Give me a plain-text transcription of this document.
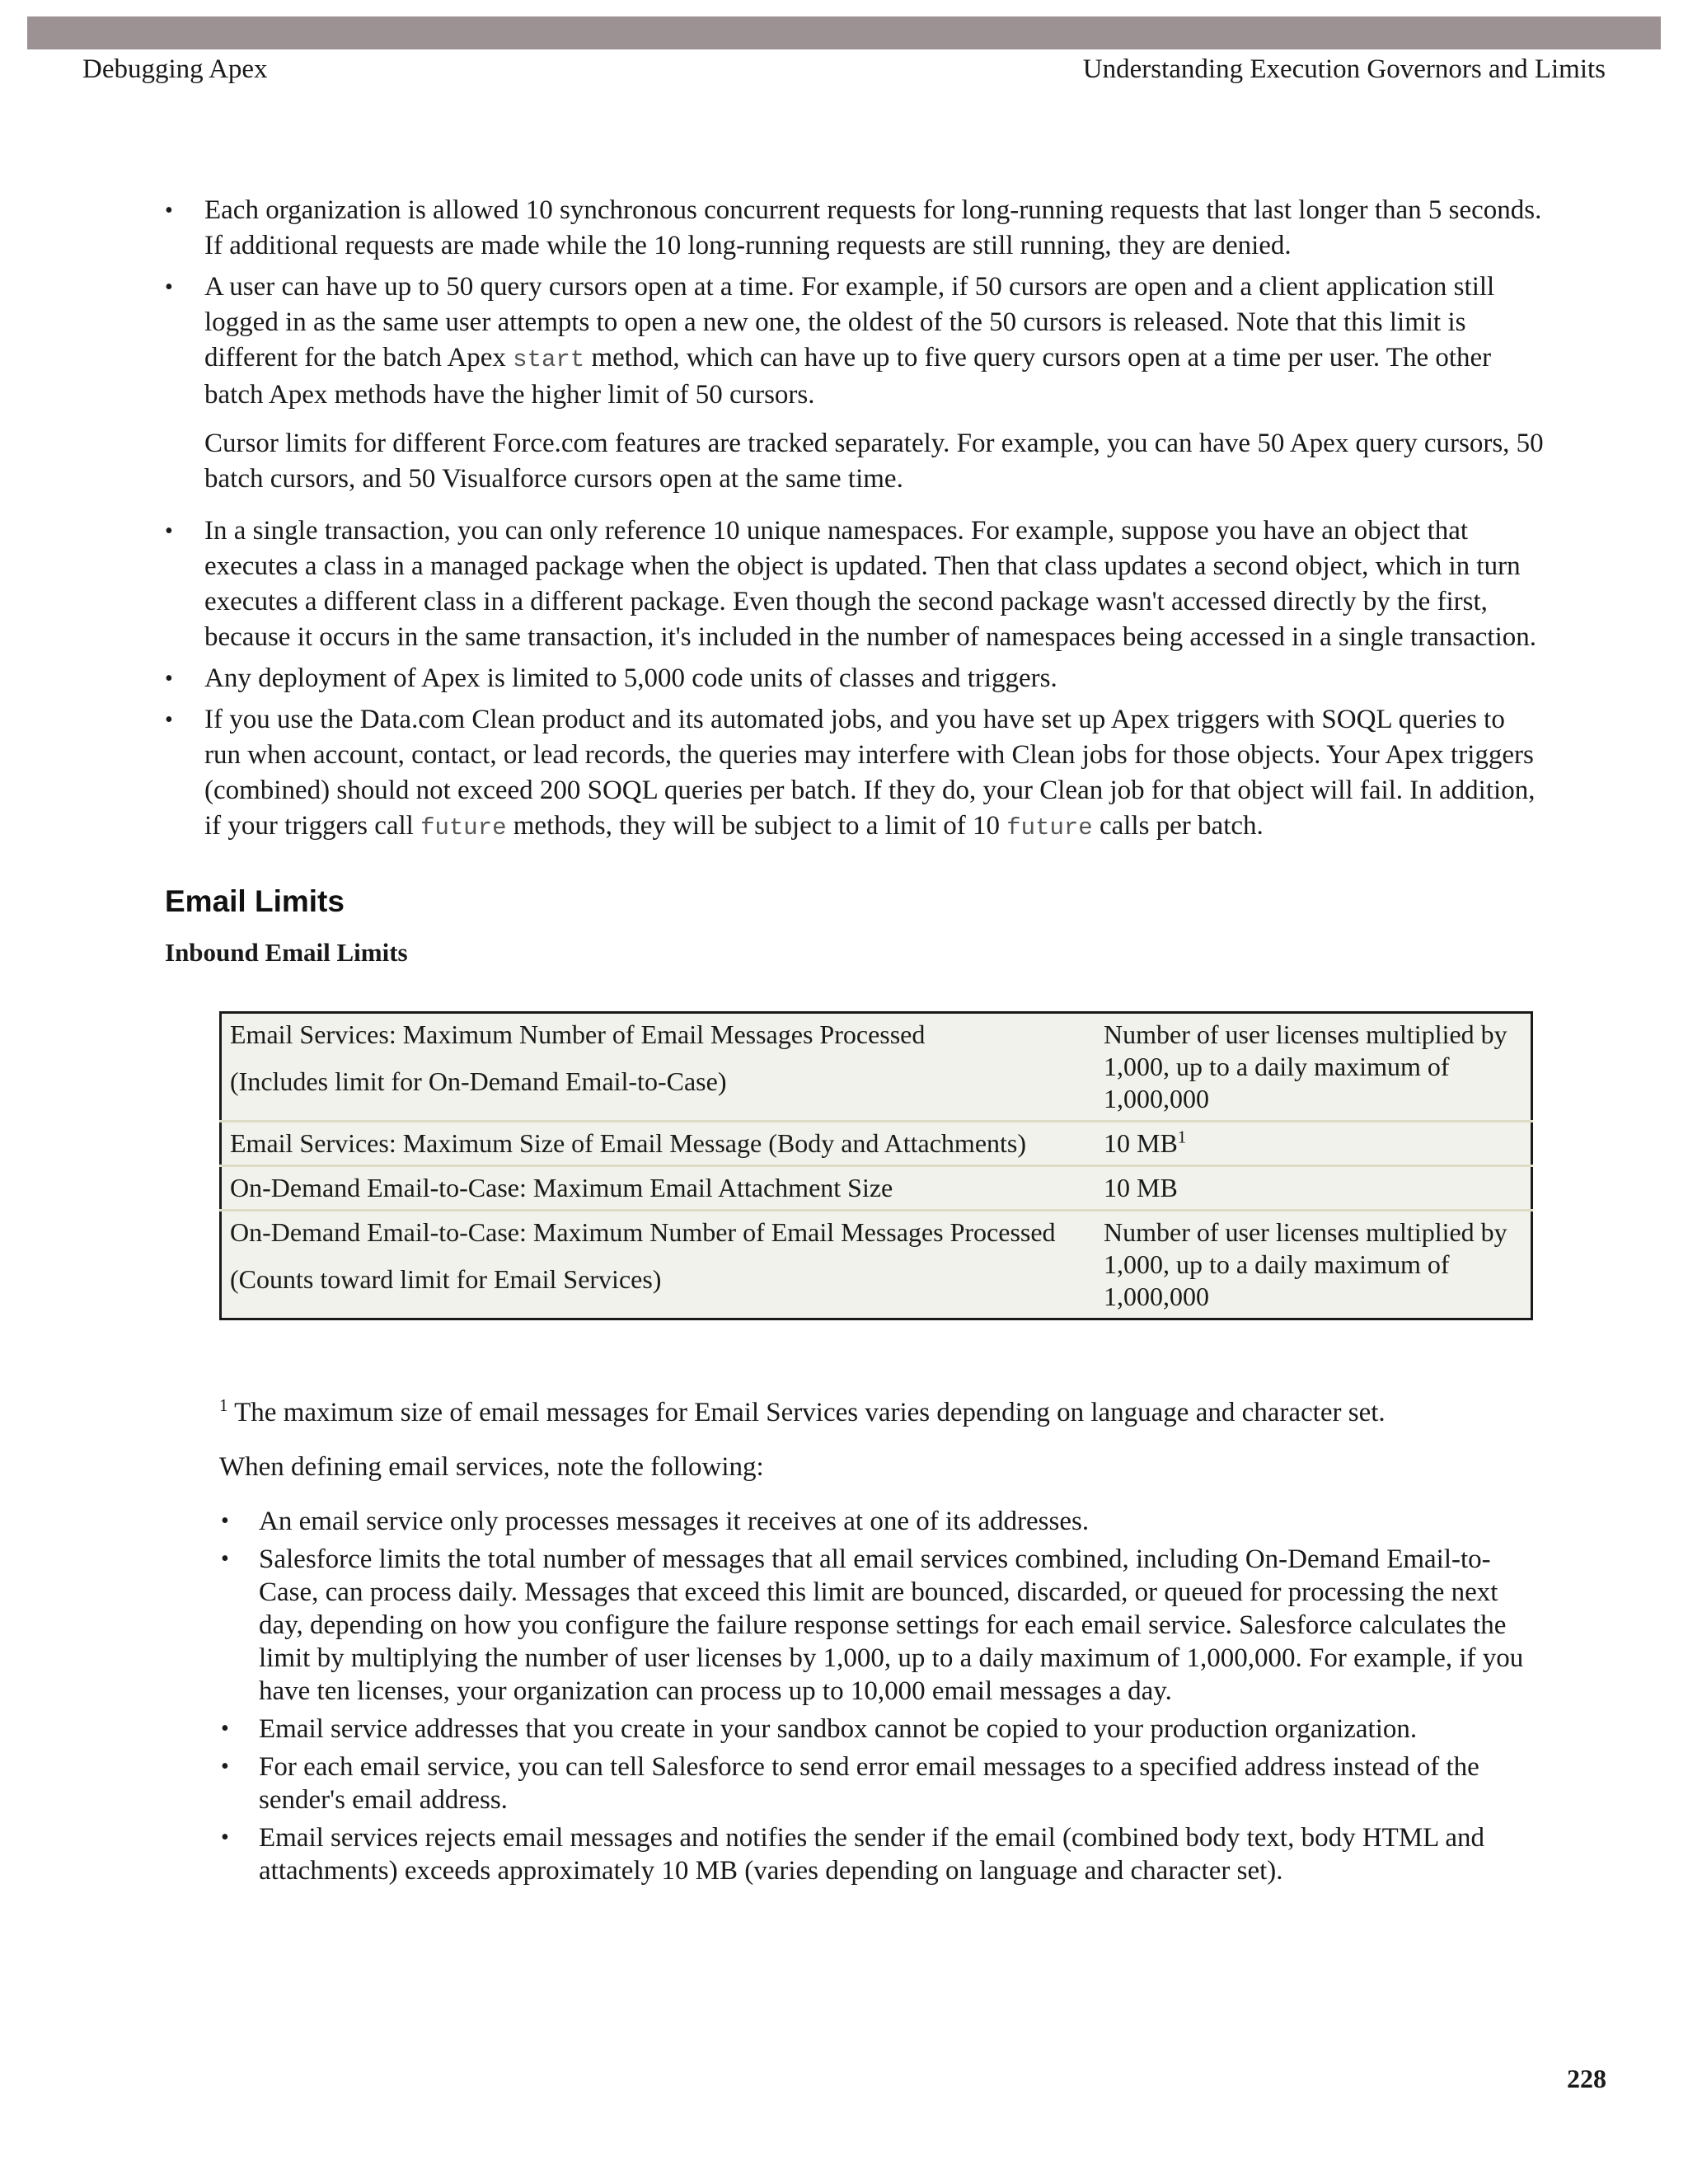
Debugging Apex	Understanding Execution Governors and Limits
• Each organization is allowed 10 synchronous concurrent requests for long-running requests that last longer than 5 seconds. If additional requests are made while the 10 long-running requests are still running, they are denied.
• A user can have up to 50 query cursors open at a time. For example, if 50 cursors are open and a client application still logged in as the same user attempts to open a new one, the oldest of the 50 cursors is released. Note that this limit is different for the batch Apex start method, which can have up to five query cursors open at a time per user. The other batch Apex methods have the higher limit of 50 cursors.

Cursor limits for different Force.com features are tracked separately. For example, you can have 50 Apex query cursors, 50 batch cursors, and 50 Visualforce cursors open at the same time.

• In a single transaction, you can only reference 10 unique namespaces. For example, suppose you have an object that executes a class in a managed package when the object is updated. Then that class updates a second object, which in turn executes a different class in a different package. Even though the second package wasn't accessed directly by the first, because it occurs in the same transaction, it's included in the number of namespaces being accessed in a single transaction.
• Any deployment of Apex is limited to 5,000 code units of classes and triggers.
• If you use the Data.com Clean product and its automated jobs, and you have set up Apex triggers with SOQL queries to run when account, contact, or lead records, the queries may interfere with Clean jobs for those objects. Your Apex triggers (combined) should not exceed 200 SOQL queries per batch. If they do, your Clean job for that object will fail. In addition, if your triggers call future methods, they will be subject to a limit of 10 future calls per batch.
Email Limits
Inbound Email Limits
Email Services: Maximum Number of Email Messages Processed
(Includes limit for On-Demand Email-to-Case)	Number of user licenses multiplied by 1,000, up to a daily maximum of 1,000,000

Email Services: Maximum Size of Email Message (Body and Attachments)	10 $MB^1$

On-Demand Email-to-Case: Maximum Email Attachment Size	10 MB

On-Demand Email-to-Case: Maximum Number of Email Messages Processed
(Counts toward limit for Email Services)	Number of user licenses multiplied by 1,000, up to a daily maximum of 1,000,000
$^1$ The maximum size of email messages for Email Services varies depending on language and character set.
When defining email services, note the following:
• An email service only processes messages it receives at one of its addresses.
• Salesforce limits the total number of messages that all email services combined, including On-Demand Email-to-Case, can process daily. Messages that exceed this limit are bounced, discarded, or queued for processing the next day, depending on how you configure the failure response settings for each email service. Salesforce calculates the limit by multiplying the number of user licenses by 1,000, up to a daily maximum of 1,000,000. For example, if you have ten licenses, your organization can process up to 10,000 email messages a day.
• Email service addresses that you create in your sandbox cannot be copied to your production organization.
• For each email service, you can tell Salesforce to send error email messages to a specified address instead of the sender's email address.
• Email services rejects email messages and notifies the sender if the email (combined body text, body HTML and attachments) exceeds approximately 10 MB (varies depending on language and character set).
228
